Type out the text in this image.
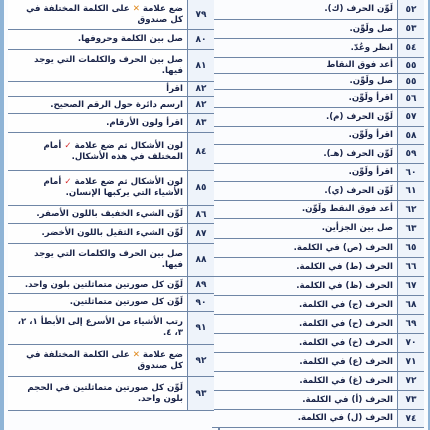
٥٢
لَوِّن الحرف (ك).
٥٣
صل ولَوِّن.
٥٤
انظر وعُدّ.
٥٥
أعد فوق النقاط
٥٥
صل ولَوِّن.
٥٦
اقرأ ولَوِّن.
٥٧
لَوِّن الحرف (م).
٥٨
اقرأ ولَوِّن.
٥٩
لَوِّن الحرف (هـ).
٦٠
اقرأ ولَوِّن.
٦١
لَوِّن الحرف (ي).
٦٢
أعد فوق النقط ولَوِّن.
٦٣
صل بين الجزأين.
٦٥
الحرف (ص) في الكلمة.
٦٦
الحرف (ط) في الكلمة.
٦٧
الحرف (ظ) في الكلمة.
٦٨
الحرف (ج) في الكلمة.
٦٩
الحرف (ح) في الكلمة.
٧٠
الحرف (خ) في الكلمة.
٧١
الحرف (ع) في الكلمة.
٧٢
الحرف (غ) في الكلمة.
٧٣
الحرف (أ) في الكلمة.
٧٤
الحرف (ل) في الكلمة.
٧٩
ضع علامة ✕ على الكلمة المختلفة في كل صندوق
٨٠
صل بين الكلمة وحروفها.
٨١
صل بين الحرف والكلمات التي يوجد فيها.
٨٢
اقرأ
٨٢
ارسم دائرة حول الرقم الصحيح.
٨٣
اقرأ ولون الأرقام.
٨٤
لون الأشكال ثم ضع علامة ✓ أمام المختلف في هذه الأشكال.
٨٥
لون الأشكال ثم ضع علامة ✓ أمام الأشياء التي يركبها الإنسان.
٨٦
لَوِّن الشيء الخفيف باللون الأصفر.
٨٧
لَوِّن الشيء الثقيل باللون الأخضر.
٨٨
صل بين الحرف والكلمات التي يوجد فيها.
٨٩
لَوِّن كل صورتين متماثلتين بلون واحد.
٩٠
لَوِّن كل صورتين متماثلتين.
٩١
رتب الأشياء من الأسرع إلى الأبطأ ١، ٢، ٣، ٤.
٩٢
ضع علامة ✕ على الكلمة المختلفة في كل صندوق
٩٣
لَوِّن كل صورتين متماثلتين في الحجم بلون واحد.
